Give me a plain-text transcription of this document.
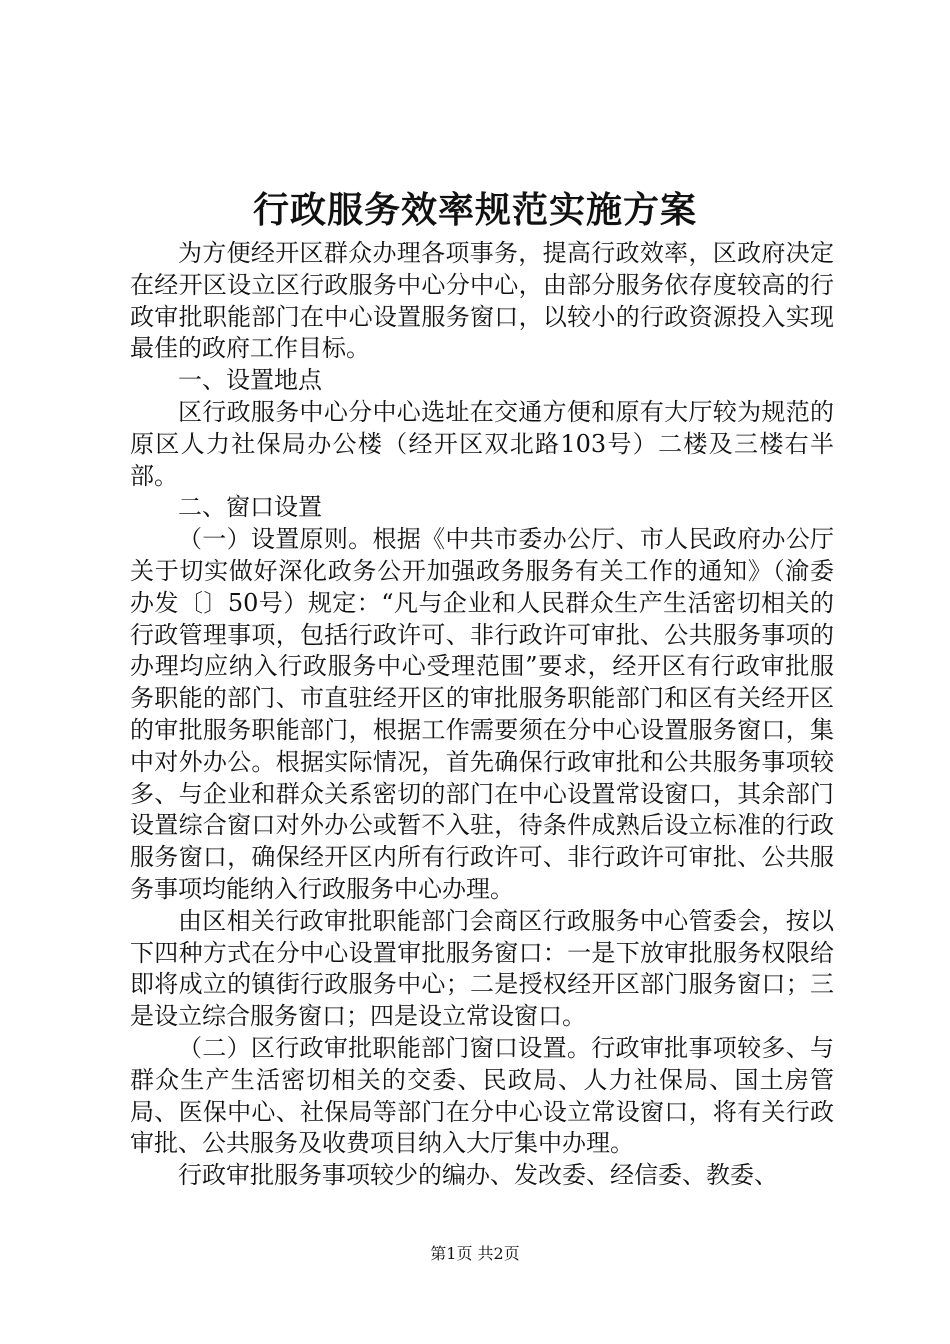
行政服务效率规范实施方案

为方便经开区群众办理各项事务，提高行政效率，区政府决定在经开区设立区行政服务中心分中心，由部分服务依存度较高的行政审批职能部门在中心设置服务窗口，以较小的行政资源投入实现最佳的政府工作目标。

一、设置地点

区行政服务中心分中心选址在交通方便和原有大厅较为规范的原区人力社保局办公楼（经开区双北路103号）二楼及三楼右半部。

二、窗口设置

（一）设置原则。根据《中共市委办公厅、市人民政府办公厅关于切实做好深化政务公开加强政务服务有关工作的通知》（渝委办发〔〕50号）规定：“凡与企业和人民群众生产生活密切相关的行政管理事项，包括行政许可、非行政许可审批、公共服务事项的办理均应纳入行政服务中心受理范围”要求，经开区有行政审批服务职能的部门、市直驻经开区的审批服务职能部门和区有关经开区的审批服务职能部门，根据工作需要须在分中心设置服务窗口，集中对外办公。根据实际情况，首先确保行政审批和公共服务事项较多、与企业和群众关系密切的部门在中心设置常设窗口，其余部门设置综合窗口对外办公或暂不入驻，待条件成熟后设立标准的行政服务窗口，确保经开区内所有行政许可、非行政许可审批、公共服务事项均能纳入行政服务中心办理。

由区相关行政审批职能部门会商区行政服务中心管委会，按以下四种方式在分中心设置审批服务窗口：一是下放审批服务权限给即将成立的镇街行政服务中心；二是授权经开区部门服务窗口；三是设立综合服务窗口；四是设立常设窗口。

（二）区行政审批职能部门窗口设置。行政审批事项较多、与群众生产生活密切相关的交委、民政局、人力社保局、国土房管局、医保中心、社保局等部门在分中心设立常设窗口，将有关行政审批、公共服务及收费项目纳入大厅集中办理。

行政审批服务事项较少的编办、发改委、经信委、教委、

第1页 共2页
